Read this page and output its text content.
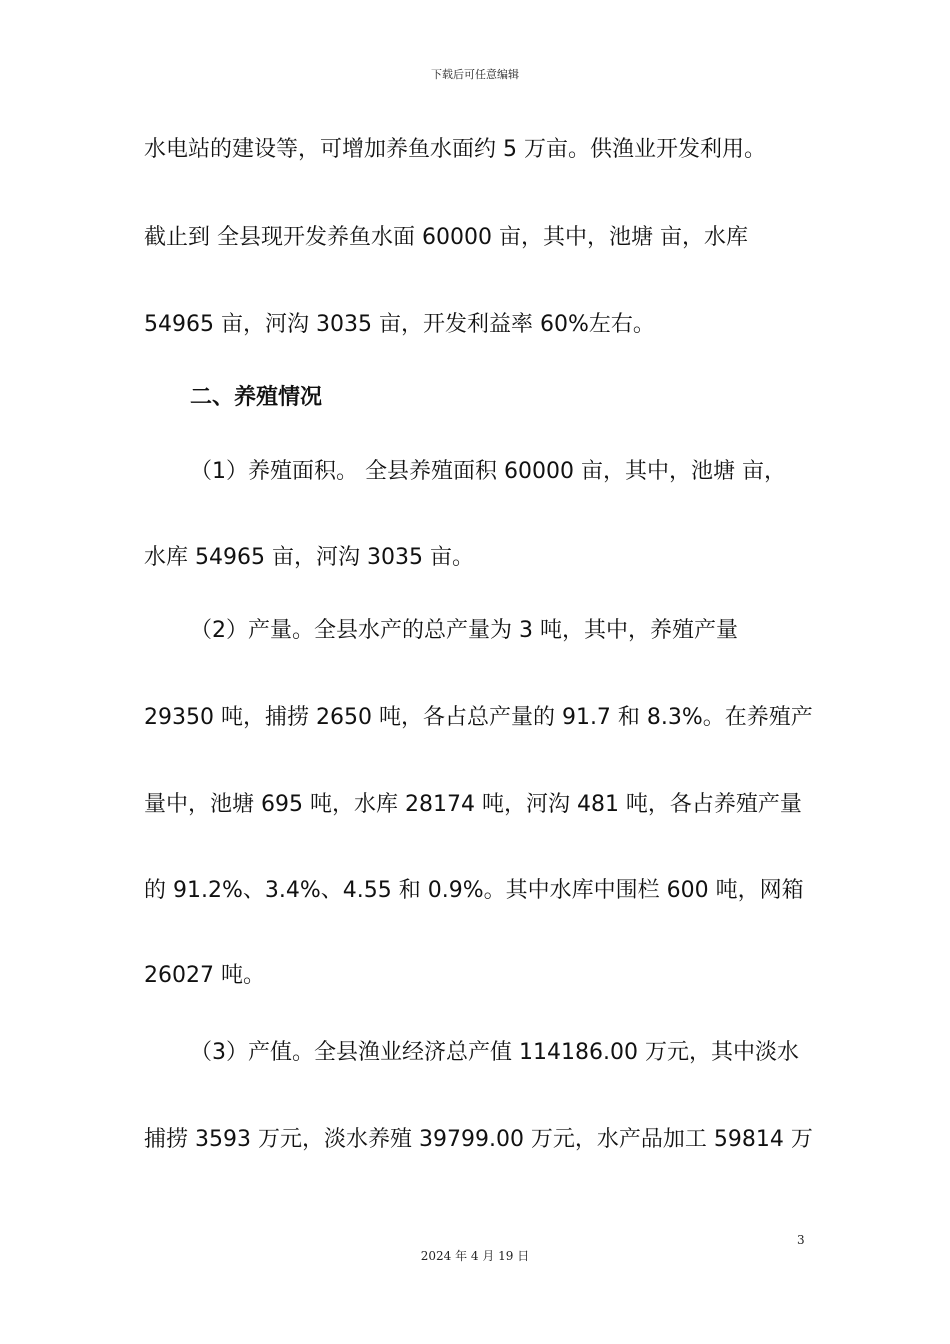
下载后可任意编辑
水电站的建设等，可增加养鱼水面约 5 万亩。供渔业开发利用。
截止到 全县现开发养鱼水面 60000 亩，其中，池塘 亩，水库
54965 亩，河沟 3035 亩，开发利益率 60%左右。
二、养殖情况
（1）养殖面积。 全县养殖面积 60000 亩，其中，池塘 亩，
水库 54965 亩，河沟 3035 亩。
（2）产量。全县水产的总产量为 3 吨，其中，养殖产量
29350 吨，捕捞 2650 吨，各占总产量的 91.7 和 8.3%。在养殖产
量中，池塘 695 吨，水库 28174 吨，河沟 481 吨，各占养殖产量
的 91.2%、3.4%、4.55 和 0.9%。其中水库中围栏 600 吨，网箱
26027 吨。
（3）产值。全县渔业经济总产值 114186.00 万元，其中淡水
捕捞 3593 万元，淡水养殖 39799.00 万元，水产品加工 59814 万
3
2024 年 4 月 19 日
